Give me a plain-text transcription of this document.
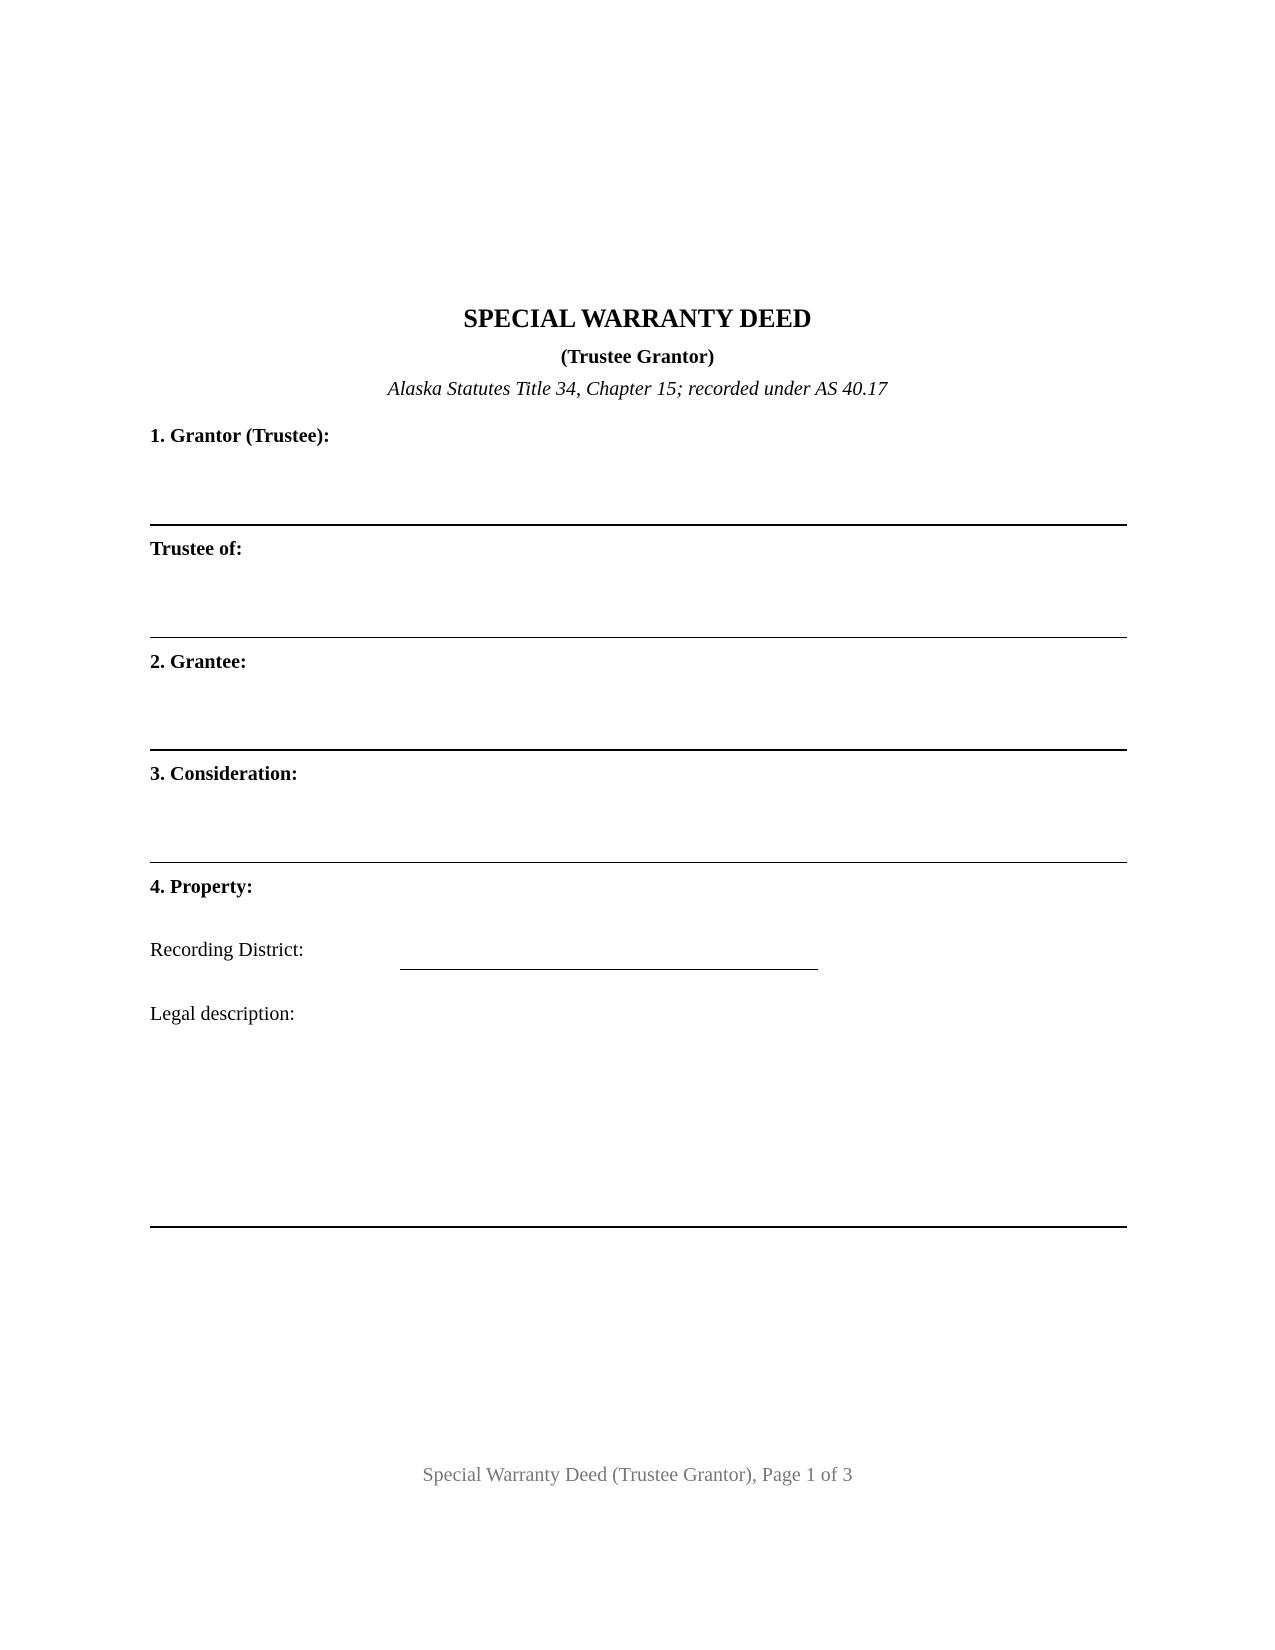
SPECIAL WARRANTY DEED
(Trustee Grantor)
Alaska Statutes Title 34, Chapter 15; recorded under AS 40.17
1. Grantor (Trustee):
Trustee of:
2. Grantee:
3. Consideration:
4. Property:
Recording District:
Legal description:
Special Warranty Deed (Trustee Grantor), Page 1 of 3
